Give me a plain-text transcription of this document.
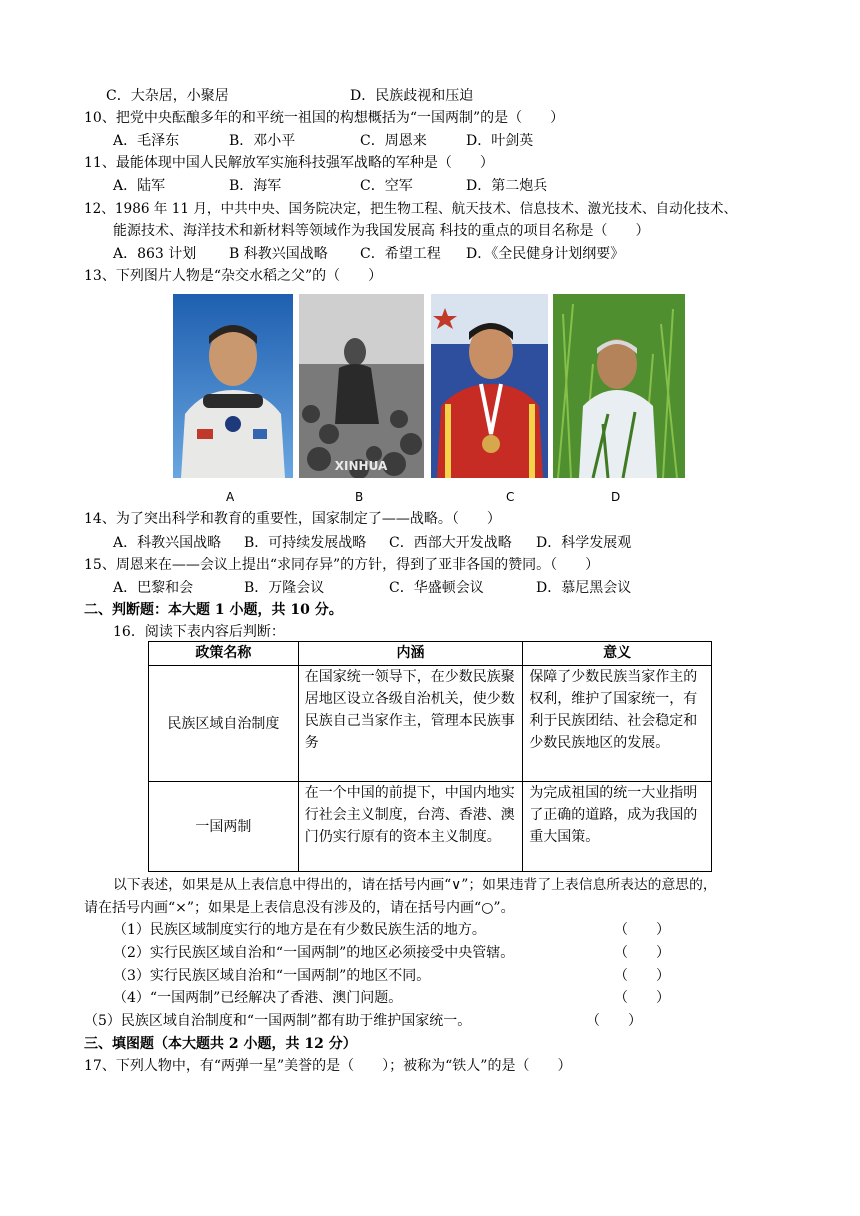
C．大杂居，小聚居	D．民族歧视和压迫
10、把党中央酝酿多年的和平统一祖国的构想概括为“一国两制”的是（　　）
A．毛泽东	B．邓小平	C．周恩来	D．叶剑英
11、最能体现中国人民解放军实施科技强军战略的军种是（　　）
A．陆军	B．海军	C．空军	D．第二炮兵
12、1986 年 11 月，中共中央、国务院决定，把生物工程、航天技术、信息技术、激光技术、自动化技术、
能源技术、海洋技术和新材料等领域作为我国发展高 科技的重点的项目名称是（　　）
A．863 计划 B 科教兴国战略 C．希望工程 D．《全民健身计划纲要》
13、下列图片人物是“杂交水稻之父”的（　　）
XINHUA
A	B	C	D
14、为了突出科学和教育的重要性，国家制定了——战略。（　　）
A．科教兴国战略 B．可持续发展战略 C．西部大开发战略 D．科学发展观
15、周恩来在——会议上提出“求同存异”的方针，得到了亚非各国的赞同。（　　）
A．巴黎和会	B．万隆会议	C．华盛顿会议	D．慕尼黑会议
二、判断题：本大题 1 小题，共 10 分。
16．阅读下表内容后判断：
政策名称	内涵	意义
民族区域自治制度	在国家统一领导下，在少数民族聚居地区设立各级自治机关，使少数民族自己当家作主，管理本民族事务	保障了少数民族当家作主的权利，维护了国家统一，有利于民族团结、社会稳定和少数民族地区的发展。
一国两制	在一个中国的前提下，中国内地实行社会主义制度，台湾、香港、澳门仍实行原有的资本主义制度。	为完成祖国的统一大业指明了正确的道路，成为我国的重大国策。
以下表述，如果是从上表信息中得出的，请在括号内画“∨”；如果违背了上表信息所表达的意思的，
请在括号内画“×”；如果是上表信息没有涉及的，请在括号内画“○”。
（1）民族区域制度实行的地方是在有少数民族生活的地方。	（　　）
（2）实行民族区域自治和“一国两制”的地区必须接受中央管辖。	（　　）
（3）实行民族区域自治和“一国两制”的地区不同。	（　　）
（4）“一国两制”已经解决了香港、澳门问题。	（　　）
（5）民族区域自治制度和“一国两制”都有助于维护国家统一。	（　　）
三、填图题（本大题共 2 小题，共 12 分）
17、下列人物中，有“两弹一星”美誉的是（　　）；被称为“铁人”的是（　　）
